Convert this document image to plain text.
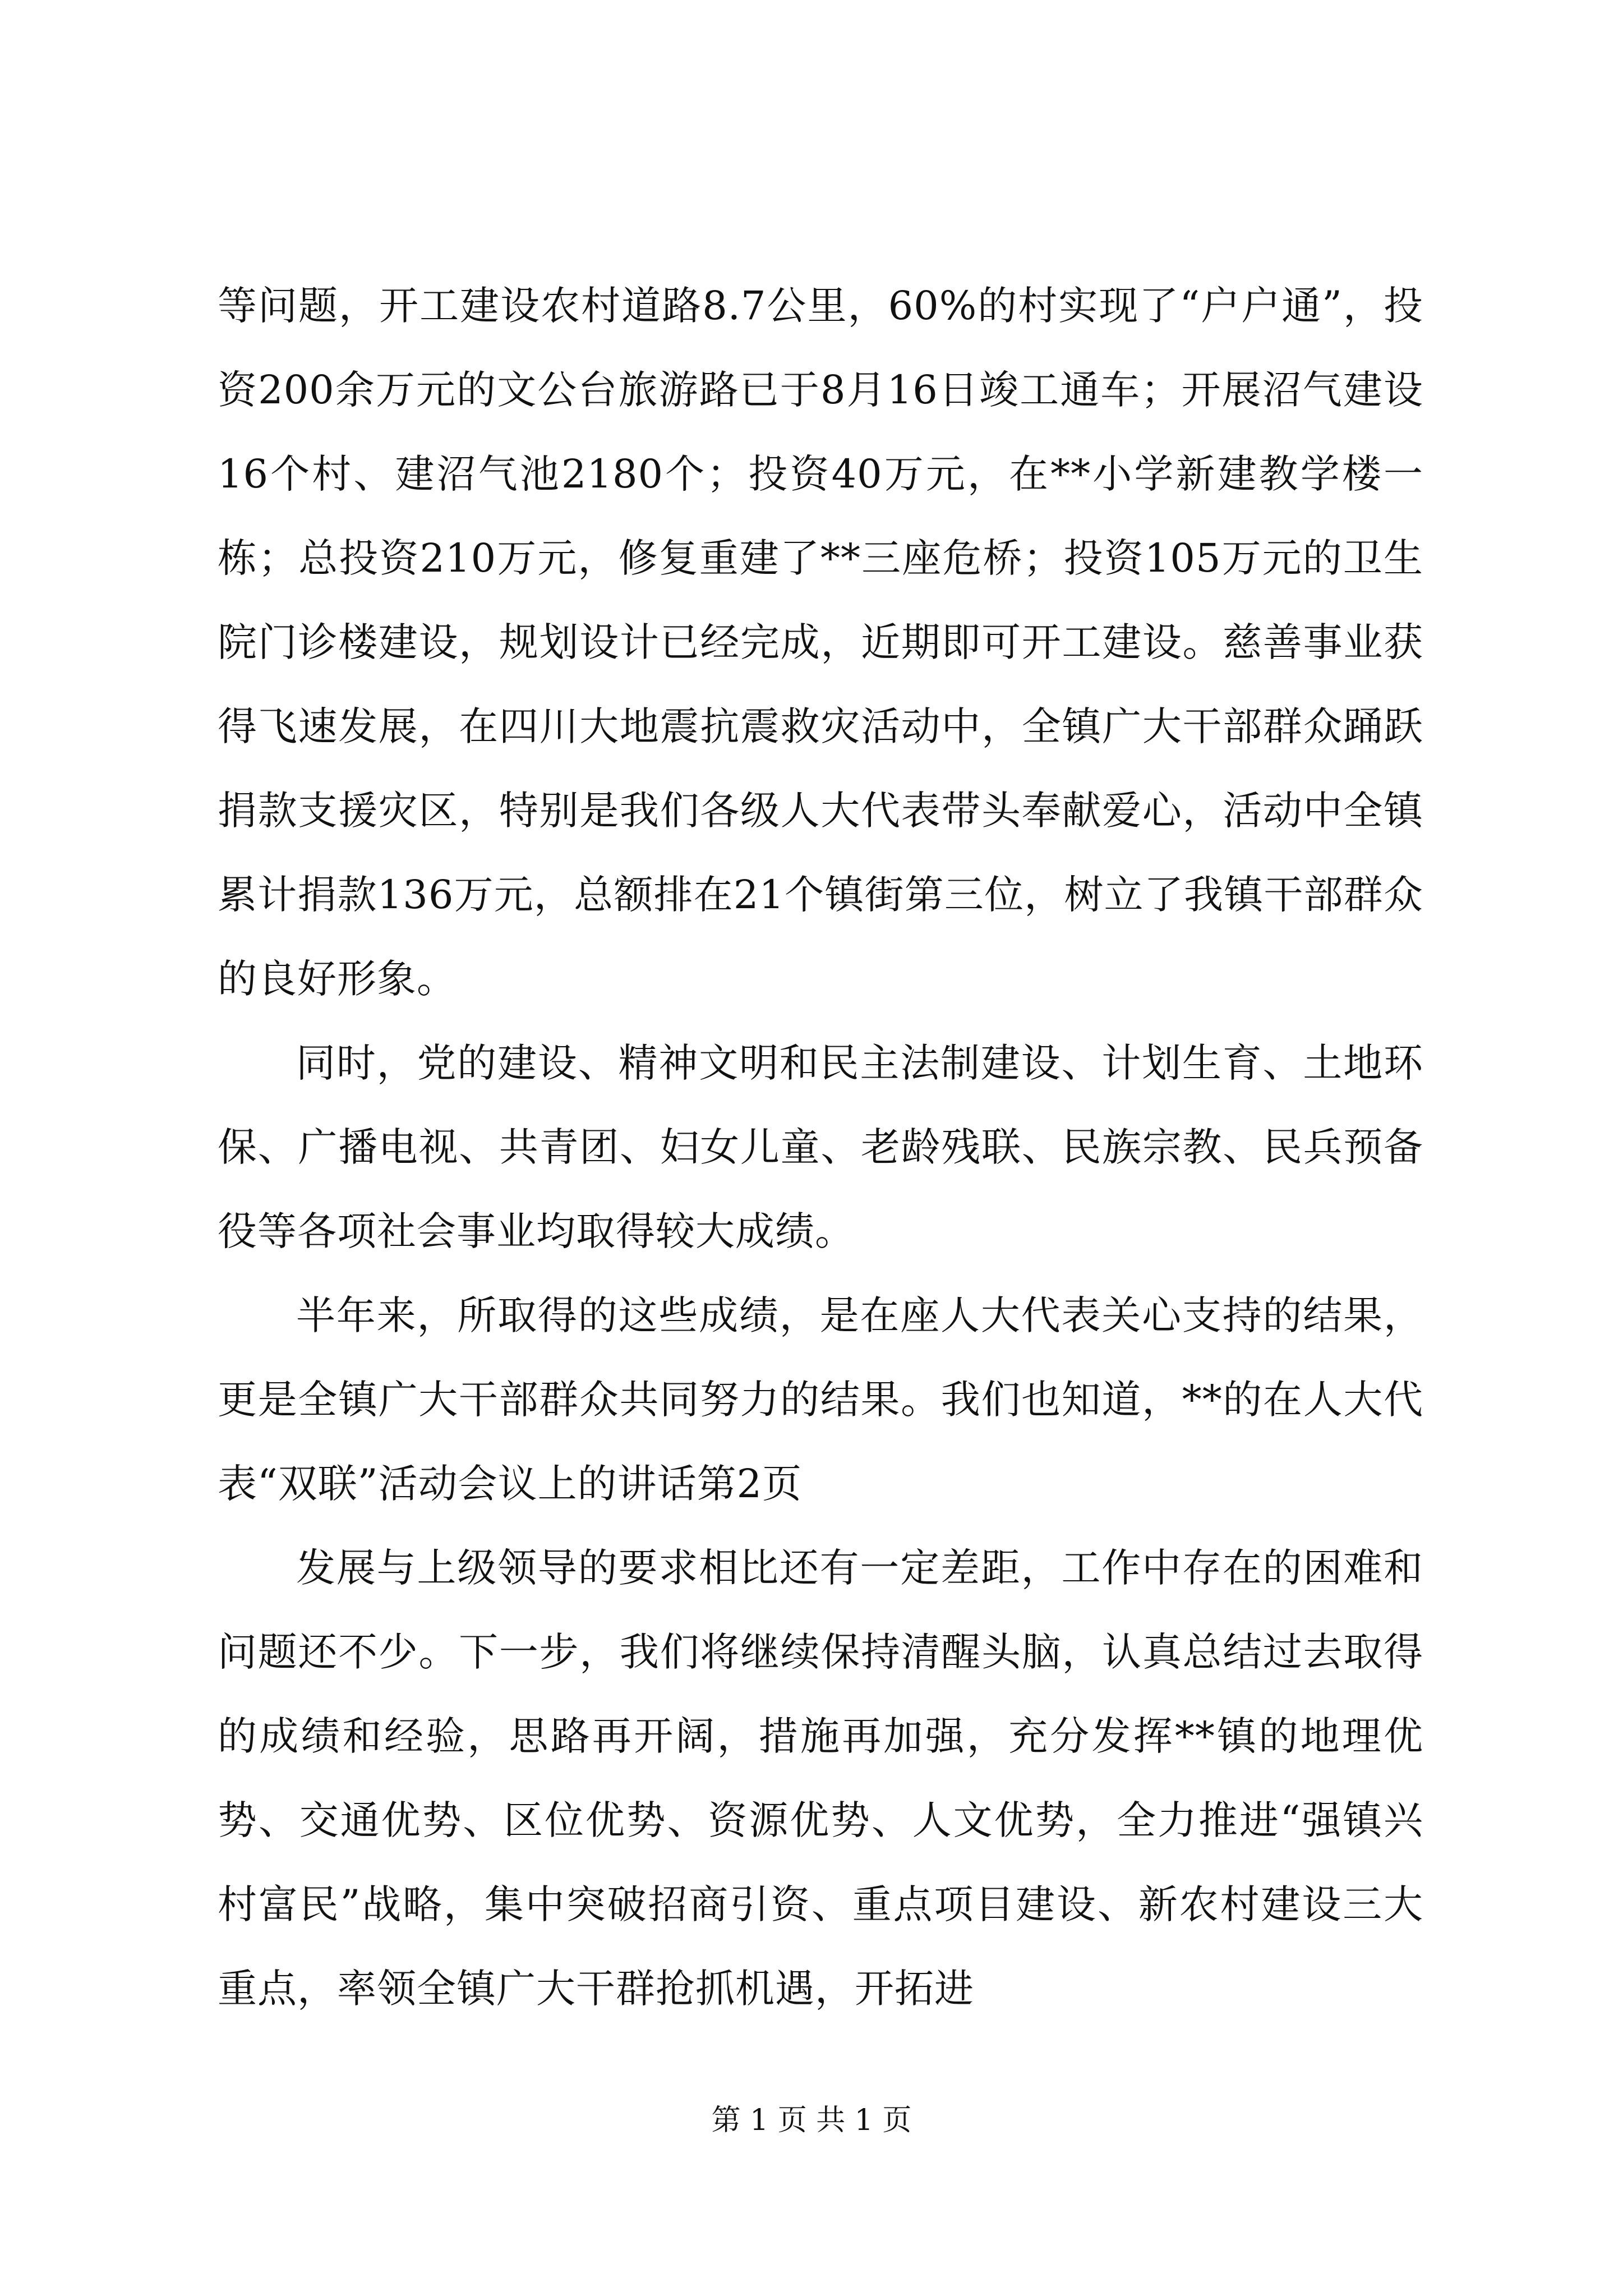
等问题，开工建设农村道路8.7公里，60%的村实现了“户户通”，投资200余万元的文公台旅游路已于8月16日竣工通车；开展沼气建设16个村、建沼气池2180个；投资40万元，在**小学新建教学楼一栋；总投资210万元，修复重建了**三座危桥；投资105万元的卫生院门诊楼建设，规划设计已经完成，近期即可开工建设。慈善事业获得飞速发展，在四川大地震抗震救灾活动中，全镇广大干部群众踊跃捐款支援灾区，特别是我们各级人大代表带头奉献爱心，活动中全镇累计捐款136万元，总额排在21个镇街第三位，树立了我镇干部群众的良好形象。

同时，党的建设、精神文明和民主法制建设、计划生育、土地环保、广播电视、共青团、妇女儿童、老龄残联、民族宗教、民兵预备役等各项社会事业均取得较大成绩。

半年来，所取得的这些成绩，是在座人大代表关心支持的结果，更是全镇广大干部群众共同努力的结果。我们也知道，**的在人大代表“双联”活动会议上的讲话第2页

发展与上级领导的要求相比还有一定差距，工作中存在的困难和问题还不少。下一步，我们将继续保持清醒头脑，认真总结过去取得的成绩和经验，思路再开阔，措施再加强，充分发挥**镇的地理优势、交通优势、区位优势、资源优势、人文优势，全力推进“强镇兴村富民”战略，集中突破招商引资、重点项目建设、新农村建设三大重点，率领全镇广大干群抢抓机遇，开拓进

第 1 页 共 1 页
